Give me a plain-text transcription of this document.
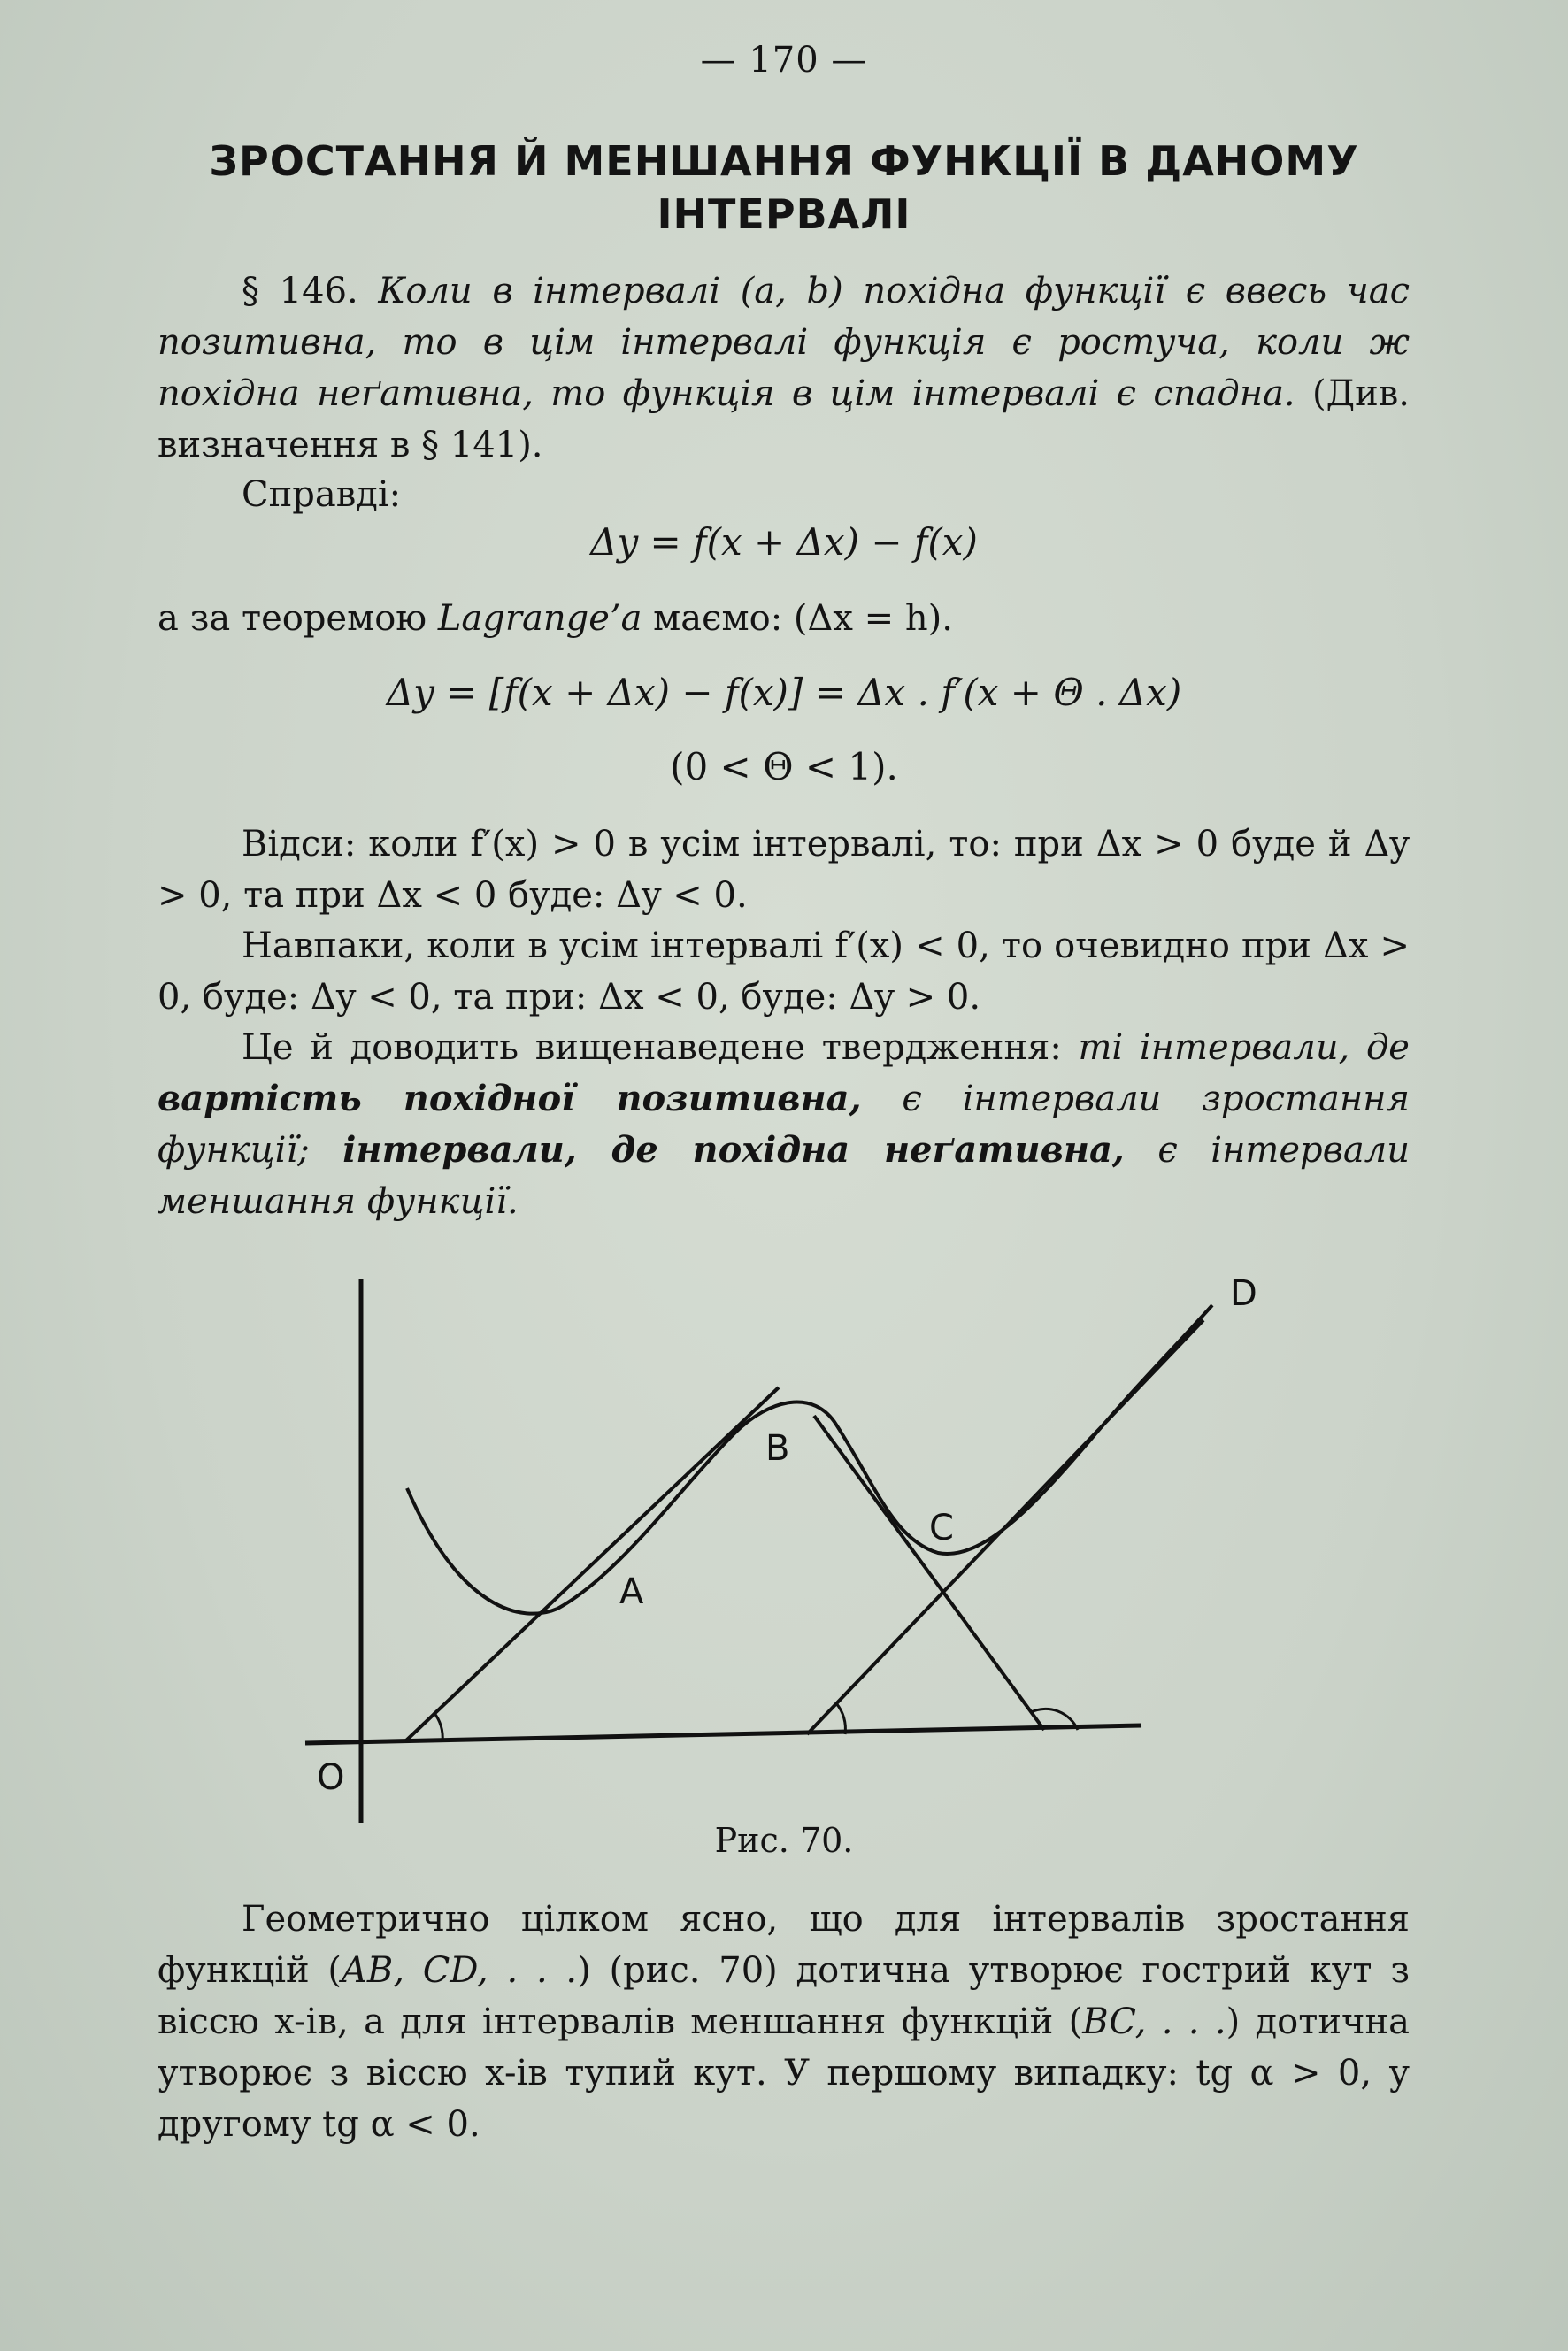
— 170 —
ЗРОСТАННЯ Й МЕНШАННЯ ФУНКЦІЇ В ДАНОМУ
ІНТЕРВАЛІ
§ 146. Коли в інтервалі (a, b) похідна функції є ввесь час позитивна, то в цім інтервалі функція є ростуча, коли ж похідна неґативна, то функція в цім інтервалі є спадна. (Див. визначення в § 141).
Справді:
Δy = f(x + Δx) − f(x)
а за теоремою Lagrange’a маємо: (Δx = h).
Δy = [f(x + Δx) − f(x)] = Δx . f′(x + Θ . Δx)
(0 < Θ < 1).
Відси: коли f′(x) > 0 в усім інтервалі, то: при Δx > 0 буде й Δy > 0, та при Δx < 0 буде: Δy < 0.
Навпаки, коли в усім інтервалі f′(x) < 0, то очевидно при Δx > 0, буде: Δy < 0, та при: Δx < 0, буде: Δy > 0.
Це й доводить вищенаведене твердження: ті інтервали, де вартість похідної позитивна, є інтервали зростання функції; інтервали, де похідна неґативна, є інтервали меншання функції.
A
B
C
D
O
Рис. 70.
Геометрично цілком ясно, що для інтервалів зростання функцій (AB, CD, . . .) (рис. 70) дотична утворює гострий кут з віссю x-ів, а для інтервалів меншання функцій (BC, . . .) дотична утворює з віссю x-ів тупий кут. У першому випадку: tg α > 0, у другому tg α < 0.
